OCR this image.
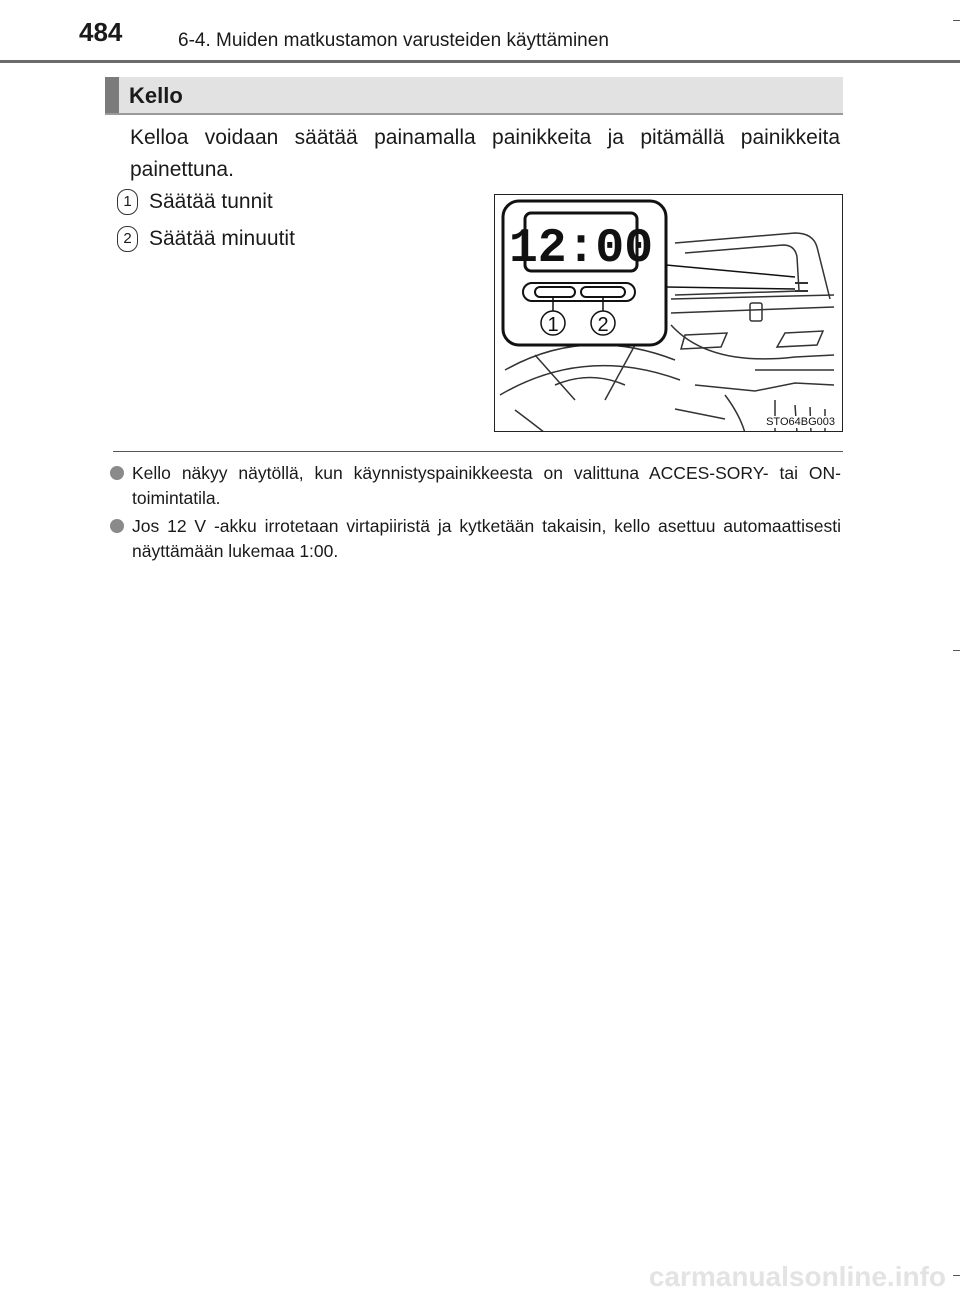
484	6-4. Muiden matkustamon varusteiden käyttäminen
Kello
Kelloa voidaan säätää painamalla painikkeita ja pitämällä painikkeita painettuna.
1 Säätää tunnit
2 Säätää minuutit	12:00
1 2
STO64BG003
Kello näkyy näytöllä, kun käynnistyspainikkeesta on valittuna ACCES-SORY- tai ON-toimintatila.
Jos 12 V -akku irrotetaan virtapiiristä ja kytketään takaisin, kello asettuu automaattisesti näyttämään lukemaa 1:00.
carmanualsonline.info
